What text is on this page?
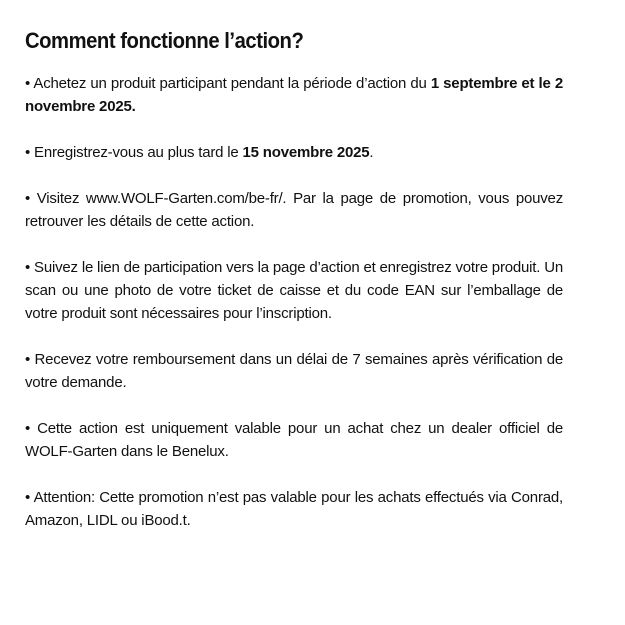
Comment fonctionne l’action?

• Achetez un produit participant pendant la période d’action du 1 septembre et le 2 novembre 2025.

• Enregistrez-vous au plus tard le 15 novembre 2025.

• Visitez www.WOLF-Garten.com/be-fr/. Par la page de promotion, vous pouvez retrouver les détails de cette action.

• Suivez le lien de participation vers la page d’action et enregistrez votre produit. Un scan ou une photo de votre ticket de caisse et du code EAN sur l’emballage de votre produit sont nécessaires pour l’inscription.

• Recevez votre remboursement dans un délai de 7 semaines après vérification de votre demande.

• Cette action est uniquement valable pour un achat chez un dealer officiel de WOLF-Garten dans le Benelux.

• Attention: Cette promotion n’est pas valable pour les achats effectués via Conrad, Amazon, LIDL ou iBood.t.
